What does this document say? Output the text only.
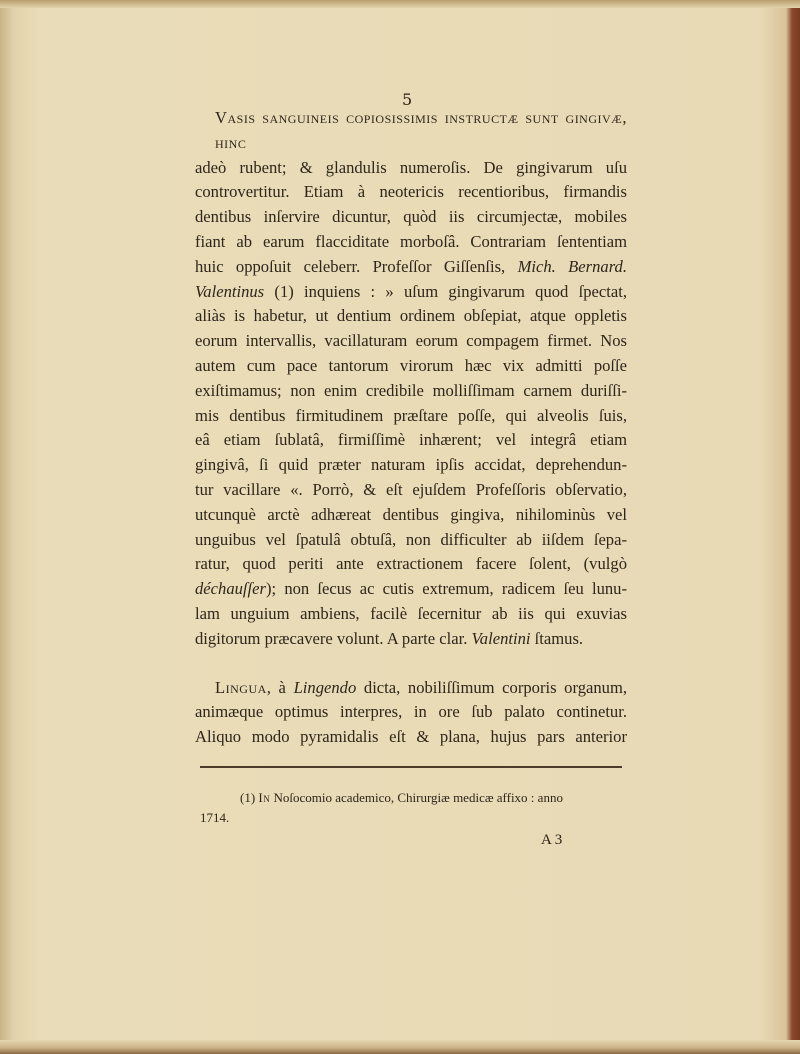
5

Vasis ſanguineis copioſiſſimis inſtructæ ſunt gingivæ, hinc

adeò rubent; & glandulis numeroſis. De gingivarum uſu

controvertitur. Etiam à neotericis recentioribus, firmandis

dentibus inſervire dicuntur, quòd iis circumjectæ, mobiles

fiant ab earum flacciditate morboſâ. Contrariam ſententiam

huic oppoſuit celeberr. Profeſſor Giſſenſis, Mich. Bernard.

Valentinus (1) inquiens : » uſum gingivarum quod ſpectat,

aliàs is habetur, ut dentium ordinem obſepiat, atque oppletis

eorum intervallis, vacillaturam eorum compagem firmet. Nos

autem cum pace tantorum virorum hæc vix admitti poſſe

exiſtimamus; non enim credibile molliſſimam carnem duriſſi-

mis dentibus firmitudinem præſtare poſſe, qui alveolis ſuis,

eâ etiam ſublatâ, firmiſſimè inhærent; vel integrâ etiam

gingivâ, ſi quid præter naturam ipſis accidat, deprehendun-

tur vacillare «. Porrò, & eſt ejuſdem Profeſſoris obſervatio,

utcunquè arctè adhæreat dentibus gingiva, nihilominùs vel

unguibus vel ſpatulâ obtuſâ, non difficulter ab iiſdem ſepa-

ratur, quod periti ante extractionem facere ſolent, (vulgò

déchauſſer); non ſecus ac cutis extremum, radicem ſeu lunu-

lam unguium ambiens, facilè ſecernitur ab iis qui exuvias

digitorum præcavere volunt. A parte clar. Valentini ſtamus.

Lingua, à Lingendo dicta, nobiliſſimum corporis organum,

animæque optimus interpres, in ore ſub palato continetur.

Aliquo modo pyramidalis eſt & plana, hujus pars anterior

(1) In Noſocomio academico, Chirurgiæ medicæ affixo : anno
1714.
A 3
